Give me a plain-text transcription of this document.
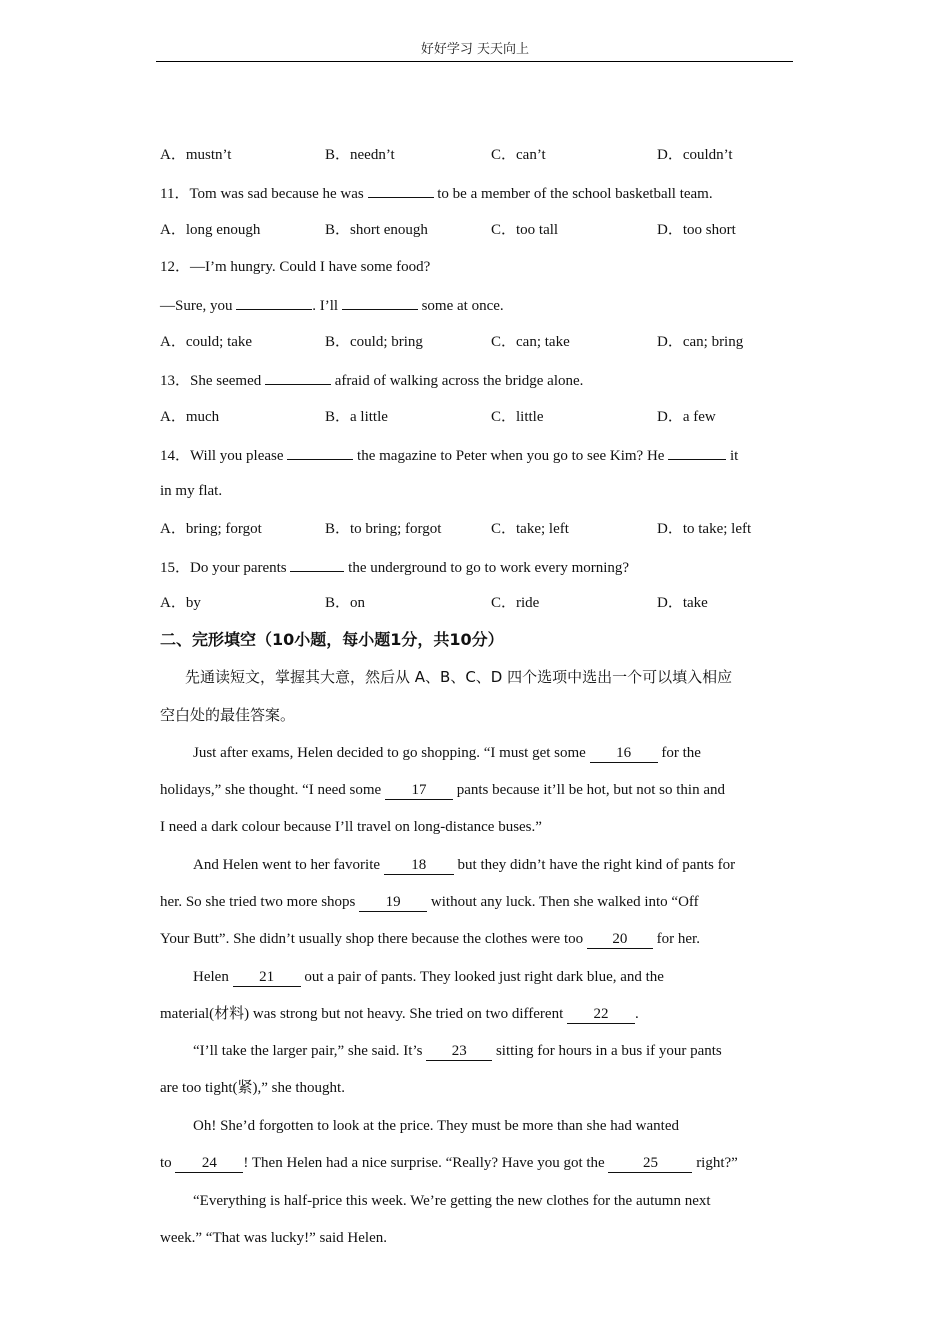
好好学习 天天向上
A．mustn’t	B．needn’t	C．can’t	D．couldn’t
11．Tom was sad because he was	to be a member of the school basketball team.
A．long enough	B．short enough	C．too tall	D．too short
12．—I’m hungry. Could I have some food?
—Sure, you	. I’ll	some at once.
A．could; take	B．could; bring	C．can; take	D．can; bring
13．She seemed	afraid of walking across the bridge alone.
A．much	B．a little	C．little	D．a few
14．Will you please	the magazine to Peter when you go to see Kim? He	it
in my flat.
A．bring; forgot	B．to bring; forgot	C．take; left	D．to take; left
15．Do your parents	the underground to go to work every morning?
A．by	B．on	C．ride	D．take
二、完形填空（10小题，每小题1分，共10分）
先通读短文，掌握其大意，然后从 A、B、C、D 四个选项中选出一个可以填入相应
空白处的最佳答案。
Just after exams, Helen decided to go shopping. “I must get some 16 for the
holidays,” she thought. “I need some 17 pants because it’ll be hot, but not so thin and
I need a dark colour because I’ll travel on long-distance buses.”
And Helen went to her favorite 18 but they didn’t have the right kind of pants for
her. So she tried two more shops 19 without any luck. Then she walked into “Off
Your Butt”. She didn’t usually shop there because the clothes were too 20 for her.
Helen 21 out a pair of pants. They looked just right dark blue, and the
material(材料) was strong but not heavy. She tried on two different 22 .
“I’ll take the larger pair,” she said. It’s 23 sitting for hours in a bus if your pants
are too tight(紧),” she thought.
Oh! She’d forgotten to look at the price. They must be more than she had wanted
to 24 ! Then Helen had a nice surprise. “Really? Have you got the 25 right?”
“Everything is half-price this week. We’re getting the new clothes for the autumn next
week.” “That was lucky!” said Helen.
